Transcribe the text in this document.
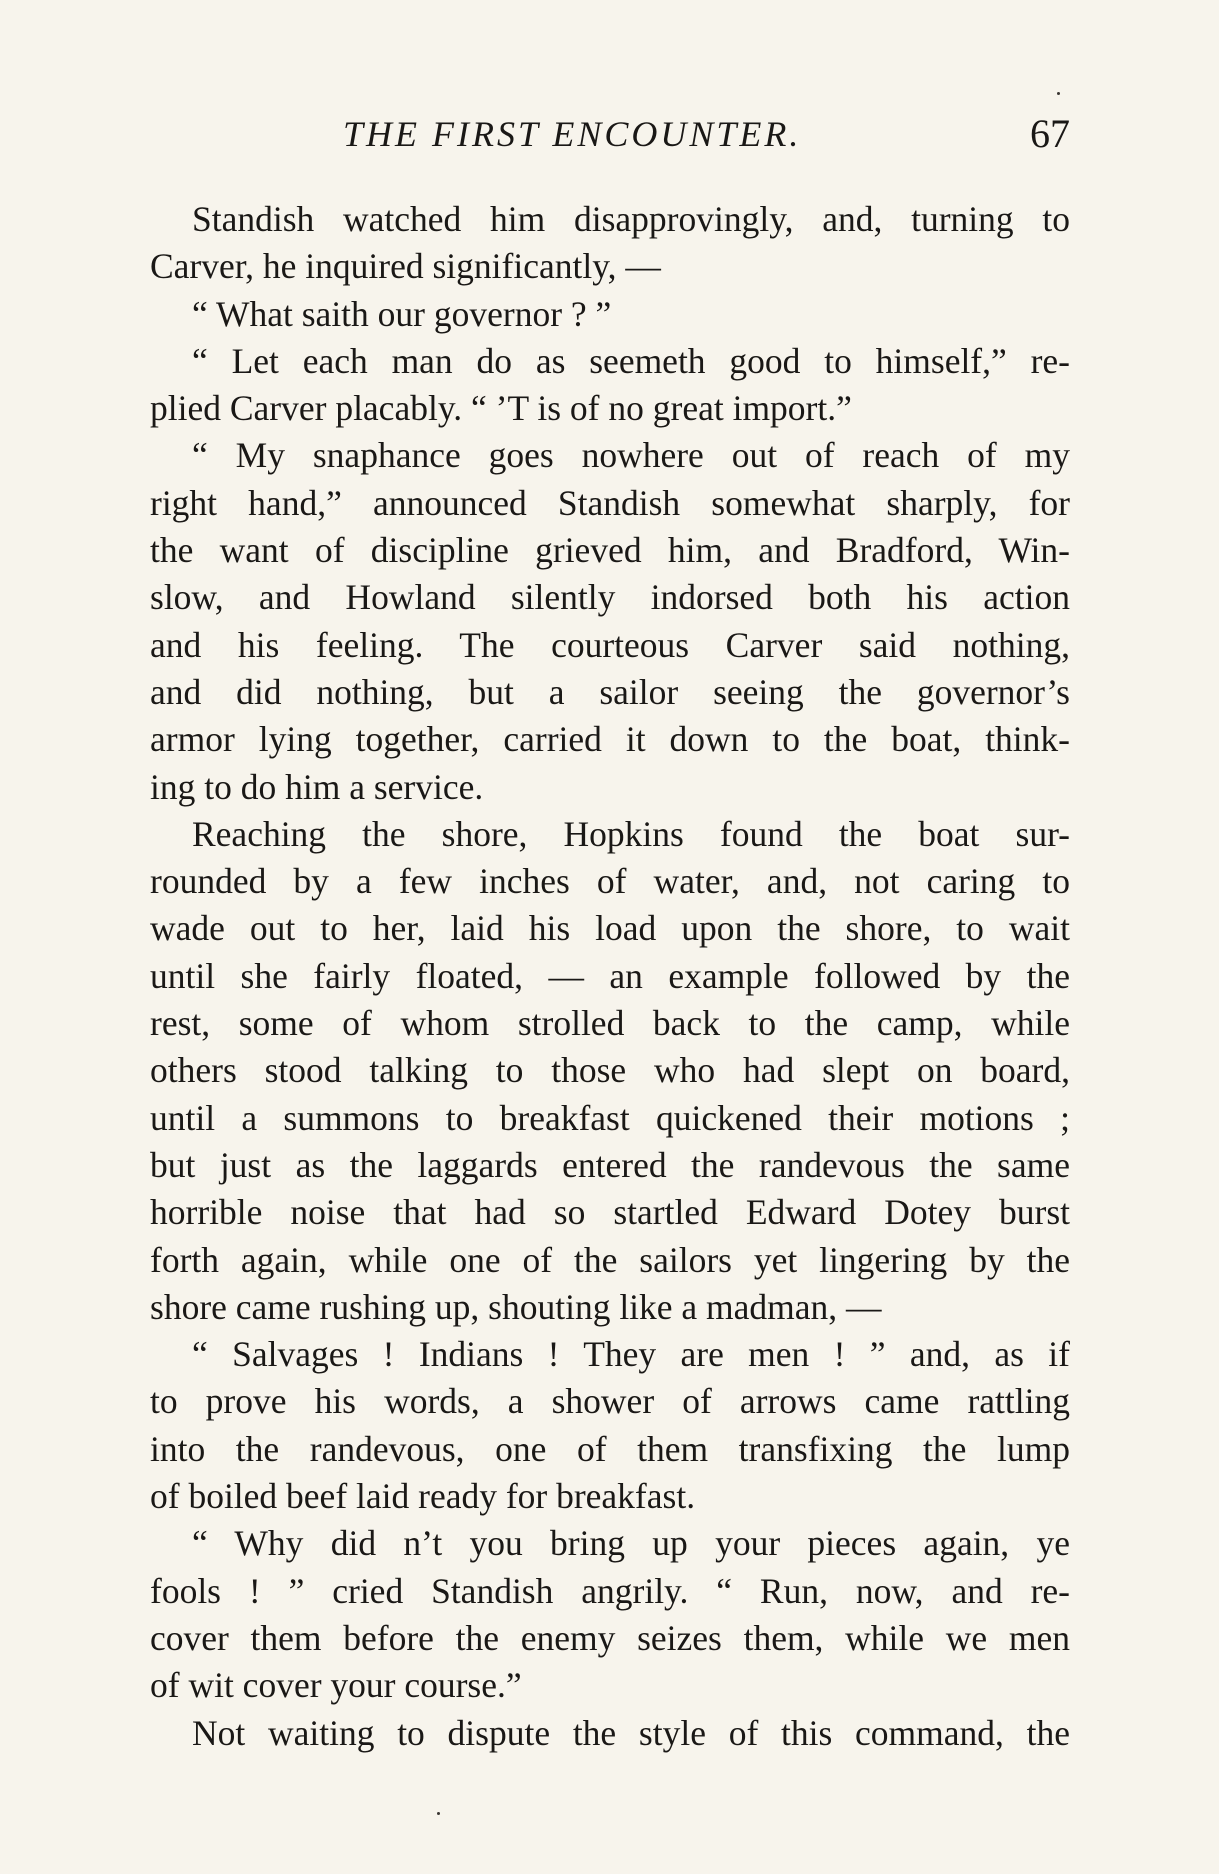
THE FIRST ENCOUNTER.	67
Standish watched him disapprovingly, and, turning to
Carver, he inquired significantly, —
“ What saith our governor ? ”
“ Let each man do as seemeth good to himself,” re-
plied Carver placably. “ ’T is of no great import.”
“ My snaphance goes nowhere out of reach of my
right hand,” announced Standish somewhat sharply, for
the want of discipline grieved him, and Bradford, Win-
slow, and Howland silently indorsed both his action
and his feeling. The courteous Carver said nothing,
and did nothing, but a sailor seeing the governor’s
armor lying together, carried it down to the boat, think-
ing to do him a service.
Reaching the shore, Hopkins found the boat sur-
rounded by a few inches of water, and, not caring to
wade out to her, laid his load upon the shore, to wait
until she fairly floated, — an example followed by the
rest, some of whom strolled back to the camp, while
others stood talking to those who had slept on board,
until a summons to breakfast quickened their motions ;
but just as the laggards entered the randevous the same
horrible noise that had so startled Edward Dotey burst
forth again, while one of the sailors yet lingering by the
shore came rushing up, shouting like a madman, —
“ Salvages ! Indians ! They are men ! ” and, as if
to prove his words, a shower of arrows came rattling
into the randevous, one of them transfixing the lump
of boiled beef laid ready for breakfast.
“ Why did n’t you bring up your pieces again, ye
fools ! ” cried Standish angrily. “ Run, now, and re-
cover them before the enemy seizes them, while we men
of wit cover your course.”
Not waiting to dispute the style of this command, the
